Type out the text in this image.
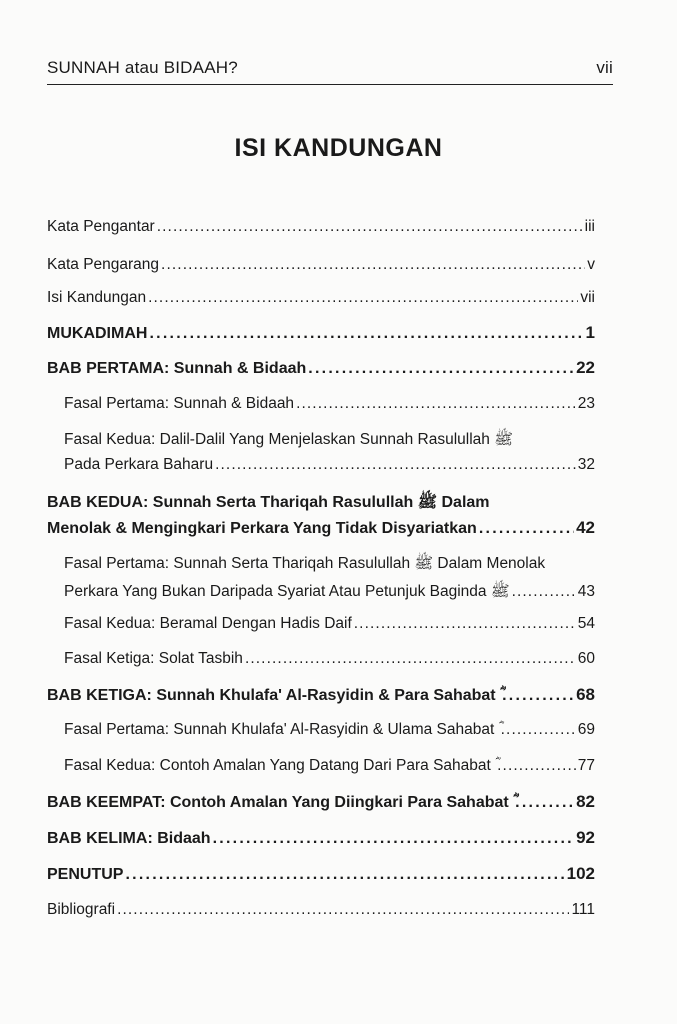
SUNNAH atau BIDAAH?	vii
ISI KANDUNGAN
Kata Pengantar . . .	iii
Kata Pengarang . . .	v
Isi Kandungan . . .	vii
MUKADIMAH . . .	1
BAB PERTAMA: Sunnah & Bidaah . . .	22
Fasal Pertama: Sunnah & Bidaah . . .	23
Fasal Kedua: Dalil-Dalil Yang Menjelaskan Sunnah Rasulullah ﷺ
Pada Perkara Baharu . . .	32
BAB KEDUA: Sunnah Serta Thariqah Rasulullah ﷺ Dalam
Menolak & Mengingkari Perkara Yang Tidak Disyariatkan . . .	42
Fasal Pertama: Sunnah Serta Thariqah Rasulullah ﷺ Dalam Menolak
Perkara Yang Bukan Daripada Syariat Atau Petunjuk Baginda ﷺ . . .	43
Fasal Kedua: Beramal Dengan Hadis Daif . . .	54
Fasal Ketiga: Solat Tasbih . . .	60
BAB KETIGA: Sunnah Khulafa' Al-Rasyidin & Para Sahabat ؓ . . .	68
Fasal Pertama: Sunnah Khulafa' Al-Rasyidin & Ulama Sahabat ؓ . . .	69
Fasal Kedua: Contoh Amalan Yang Datang Dari Para Sahabat ؓ . . .	77
BAB KEEMPAT: Contoh Amalan Yang Diingkari Para Sahabat ؓ . . .	82
BAB KELIMA: Bidaah . . .	92
PENUTUP . . .	102
Bibliografi . . .	111
